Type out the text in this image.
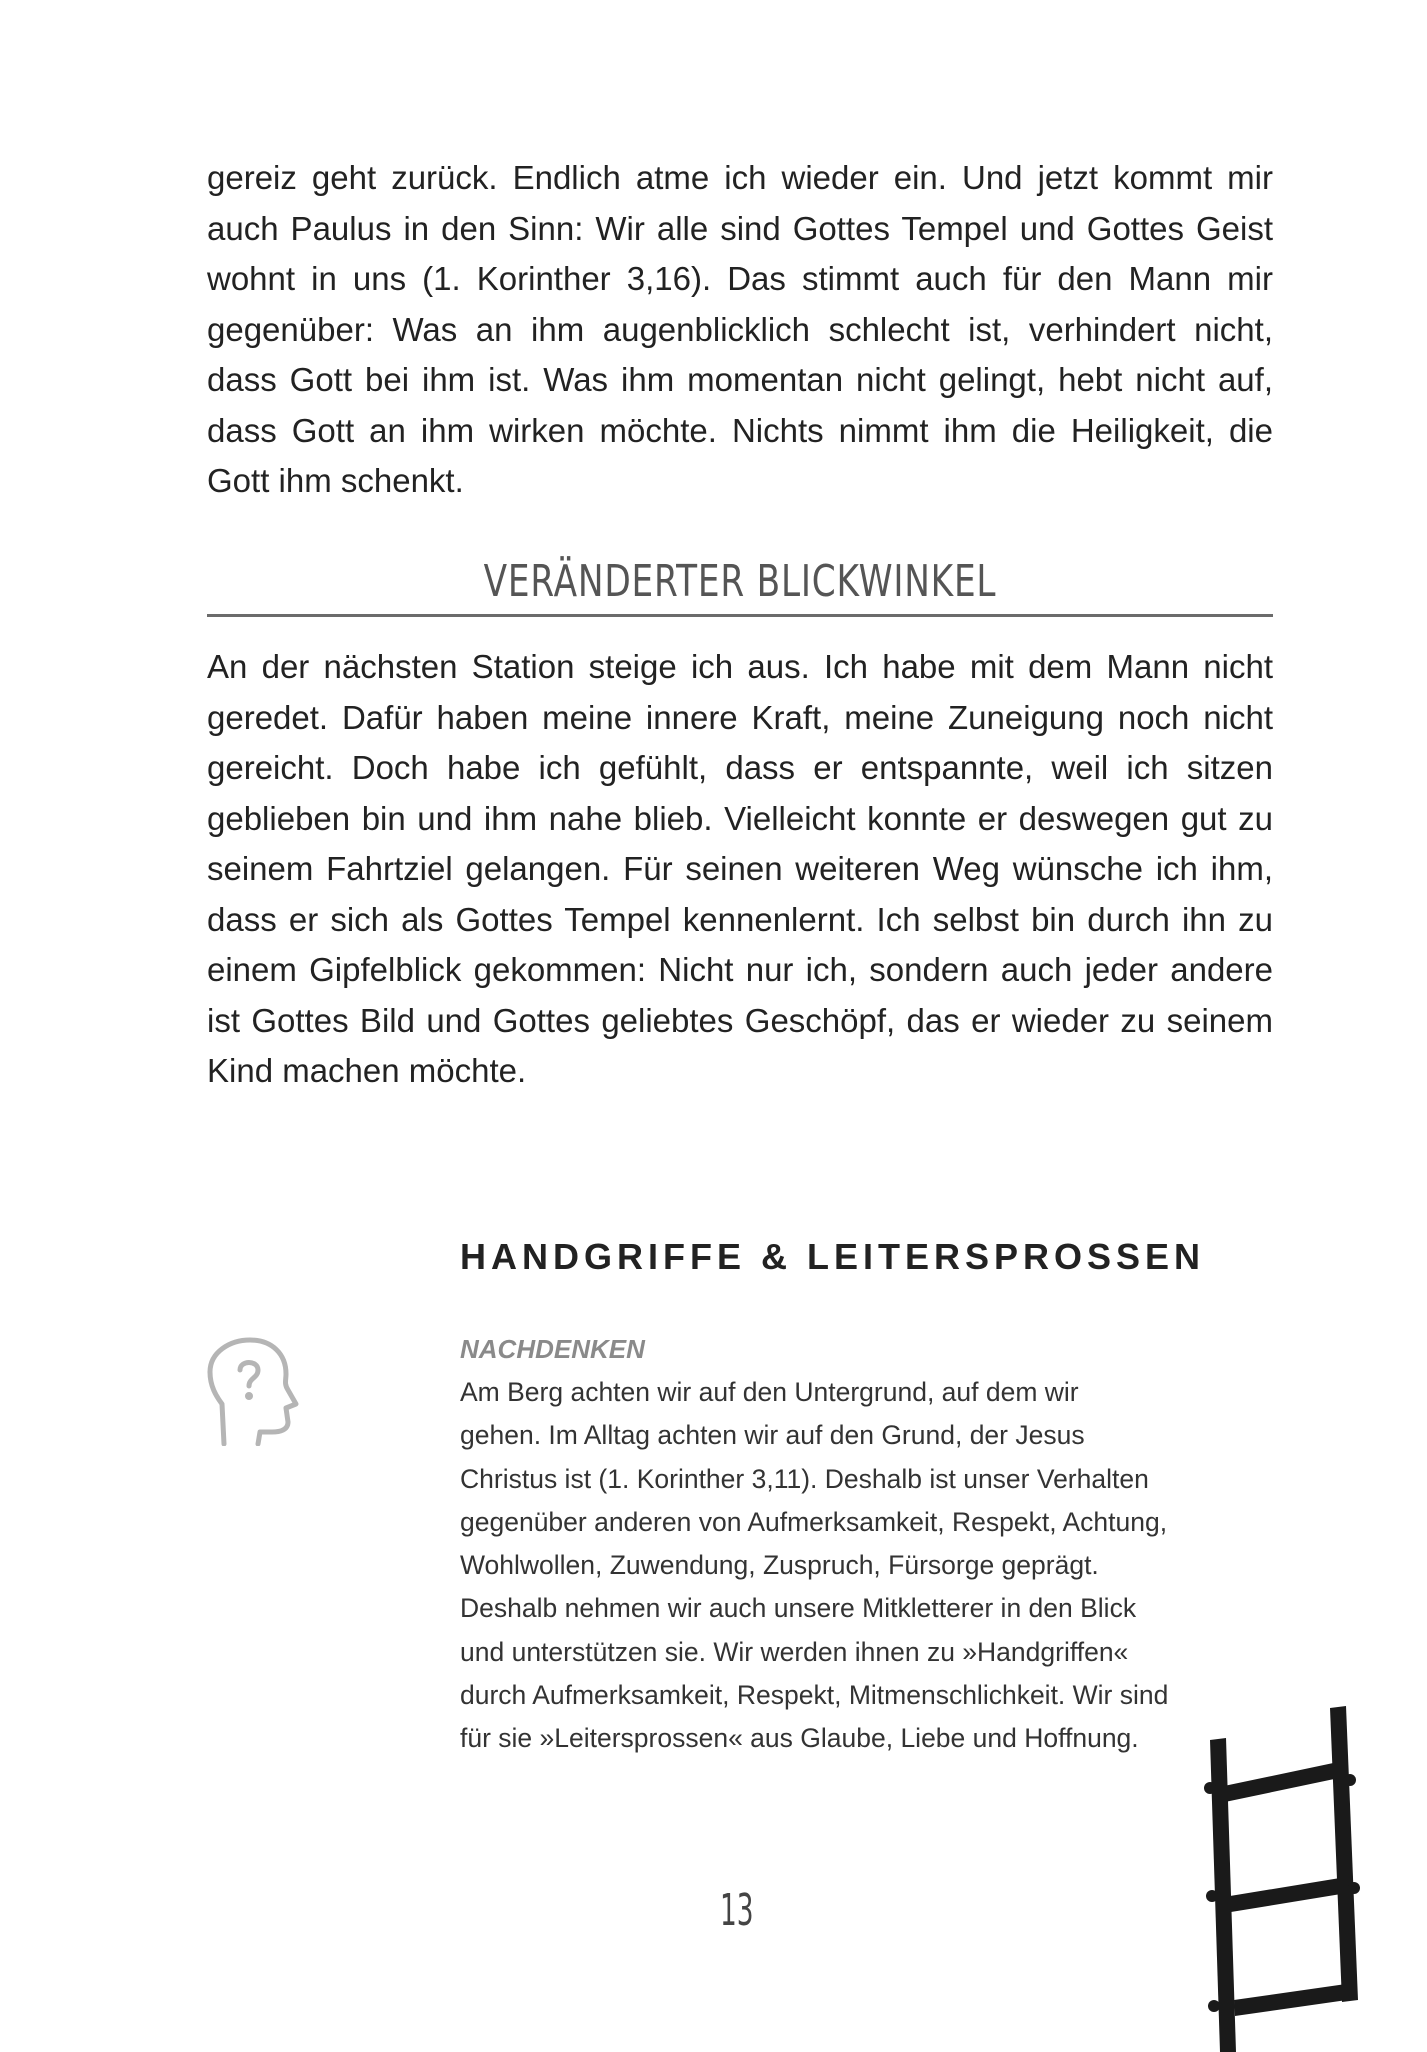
gereiz geht zurück. Endlich atme ich wieder ein. Und jetzt kommt mir auch Paulus in den Sinn: Wir alle sind Gottes Tempel und Gottes Geist wohnt in uns (1. Korinther 3,16). Das stimmt auch für den Mann mir gegenüber: Was an ihm augenblicklich schlecht ist, verhindert nicht, dass Gott bei ihm ist. Was ihm momentan nicht gelingt, hebt nicht auf, dass Gott an ihm wirken möchte. Nichts nimmt ihm die Heiligkeit, die Gott ihm schenkt.

VERÄNDERTER BLICKWINKEL

An der nächsten Station steige ich aus. Ich habe mit dem Mann nicht geredet. Dafür haben meine innere Kraft, meine Zuneigung noch nicht gereicht. Doch habe ich gefühlt, dass er entspannte, weil ich sitzen geblieben bin und ihm nahe blieb. Vielleicht konnte er deswegen gut zu seinem Fahrtziel gelangen. Für seinen weiteren Weg wünsche ich ihm, dass er sich als Gottes Tempel kennenlernt. Ich selbst bin durch ihn zu einem Gipfelblick gekommen: Nicht nur ich, sondern auch jeder andere ist Gottes Bild und Gottes geliebtes Geschöpf, das er wieder zu seinem Kind machen möchte.

HANDGRIFFE & LEITERSPROSSEN
NACHDENKEN
Am Berg achten wir auf den Untergrund, auf dem wir
gehen. Im Alltag achten wir auf den Grund, der Jesus
Christus ist (1. Korinther 3,11). Deshalb ist unser Verhalten
gegenüber anderen von Aufmerksamkeit, Respekt, Achtung,
Wohlwollen, Zuwendung, Zuspruch, Fürsorge geprägt.
Deshalb nehmen wir auch unsere Mitkletterer in den Blick
und unterstützen sie. Wir werden ihnen zu »Handgriffen«
durch Aufmerksamkeit, Respekt, Mitmenschlichkeit. Wir sind
für sie »Leitersprossen« aus Glaube, Liebe und Hoffnung.

13
